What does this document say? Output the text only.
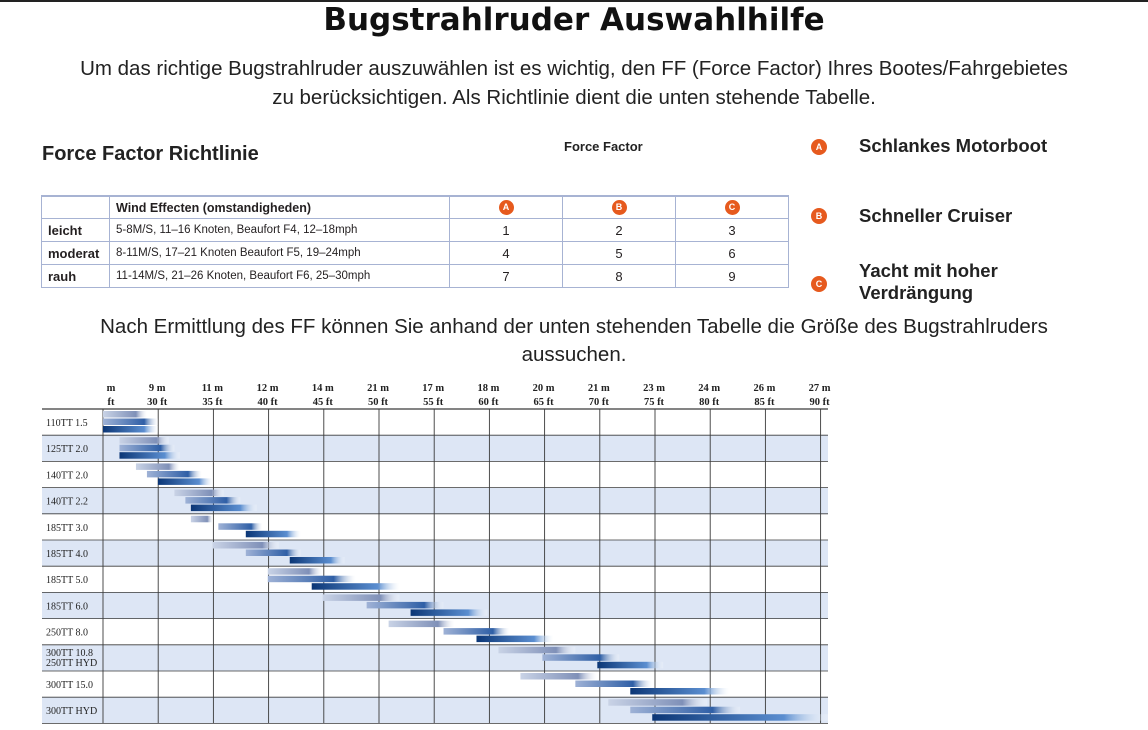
Bugstrahlruder Auswahlhilfe
Um das richtige Bugstrahlruder auszuwählen ist es wichtig, den FF (Force Factor) Ihres Bootes/Fahrgebietes
zu berücksichtigen. Als Richtlinie dient die unten stehende Tabelle.
Force Factor Richtlinie	Force Factor
	Wind Effecten (omstandigheden)	A	B	C
leicht	5-8M/S, 11–16 Knoten, Beaufort F4, 12–18mph	1	2	3
moderat	8-11M/S, 17–21 Knoten Beaufort F5, 19–24mph	4	5	6
rauh	11-14M/S, 21–26 Knoten, Beaufort F6, 25–30mph	7	8	9
A Schlankes Motorboot
B Schneller Cruiser
C
Yacht mit hoher Verdrängung
Nach Ermittlung des FF können Sie anhand der unten stehenden Tabelle die Größe des Bugstrahlruders
aussuchen.
m
ft
9 m
30 ft
11 m
35 ft
12 m
40 ft
14 m
45 ft
21 m
50 ft
17 m
55 ft
18 m
60 ft
20 m
65 ft
21 m
70 ft
23 m
75 ft
24 m
80 ft
26 m
85 ft
27 m
90 ft
110TT 1.5
125TT 2.0
140TT 2.0
140TT 2.2
185TT 3.0
185TT 4.0
185TT 5.0
185TT 6.0
250TT 8.0
300TT 10.8
250TT HYD
300TT 15.0
300TT HYD
